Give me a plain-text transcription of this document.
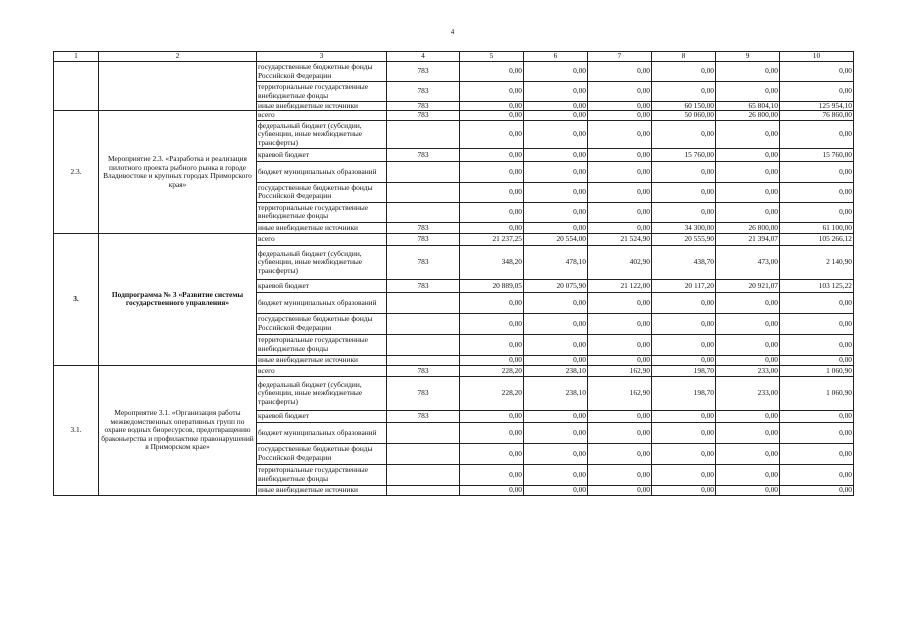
4
1	2	3	4	5	6	7	8	9	10
		государственные бюджетные фонды Российской Федерации	783	0,00	0,00	0,00	0,00	0,00	0,00
		территориальные государственные внебюджетные фонды	783	0,00	0,00	0,00	0,00	0,00	0,00
		иные внебюджетные источники	783	0,00	0,00	0,00	60 150,00	65 804,10	125 954,10
2.3.	Мероприятие 2.3. «Разработка и реализация пилотного проекта рыбного рынка в городе Владивостоке и крупных городах Приморского края»	всего	783	0,00	0,00	0,00	50 060,00	26 800,00	76 860,00
		федеральный бюджет (субсидии, субвенции, иные межбюджетные трансферты)		0,00	0,00	0,00	0,00	0,00	0,00
		краевой бюджет	783	0,00	0,00	0,00	15 760,00	0,00	15 760,00
		бюджет муниципальных образований		0,00	0,00	0,00	0,00	0,00	0,00
		государственные бюджетные фонды Российской Федерации		0,00	0,00	0,00	0,00	0,00	0,00
		территориальные государственные внебюджетные фонды		0,00	0,00	0,00	0,00	0,00	0,00
		иные внебюджетные источники	783	0,00	0,00	0,00	34 300,00	26 800,00	61 100,00
3.	Подпрограмма № 3 «Развитие системы государственного управления»	всего	783	21 237,25	20 554,00	21 524,90	20 555,90	21 394,07	105 266,12
		федеральный бюджет (субсидии, субвенции, иные межбюджетные трансферты)	783	348,20	478,10	402,90	438,70	473,00	2 140,90
		краевой бюджет	783	20 889,05	20 075,90	21 122,00	20 117,20	20 921,07	103 125,22
		бюджет муниципальных образований		0,00	0,00	0,00	0,00	0,00	0,00
		государственные бюджетные фонды Российской Федерации		0,00	0,00	0,00	0,00	0,00	0,00
		территориальные государственные внебюджетные фонды		0,00	0,00	0,00	0,00	0,00	0,00
		иные внебюджетные источники		0,00	0,00	0,00	0,00	0,00	0,00
3.1.	Мероприятие 3.1. «Организация работы межведомственных оперативных групп по охране водных биоресурсов, предотвращению браконьерства и профилактике правонарушений в Приморском крае»	всего	783	228,20	238,10	162,90	198,70	233,00	1 060,90
		федеральный бюджет (субсидии, субвенции, иные межбюджетные трансферты)	783	228,20	238,10	162,90	198,70	233,00	1 060,90
		краевой бюджет	783	0,00	0,00	0,00	0,00	0,00	0,00
		бюджет муниципальных образований		0,00	0,00	0,00	0,00	0,00	0,00
		государственные бюджетные фонды Российской Федерации		0,00	0,00	0,00	0,00	0,00	0,00
		территориальные государственные внебюджетные фонды		0,00	0,00	0,00	0,00	0,00	0,00
		иные внебюджетные источники		0,00	0,00	0,00	0,00	0,00	0,00
